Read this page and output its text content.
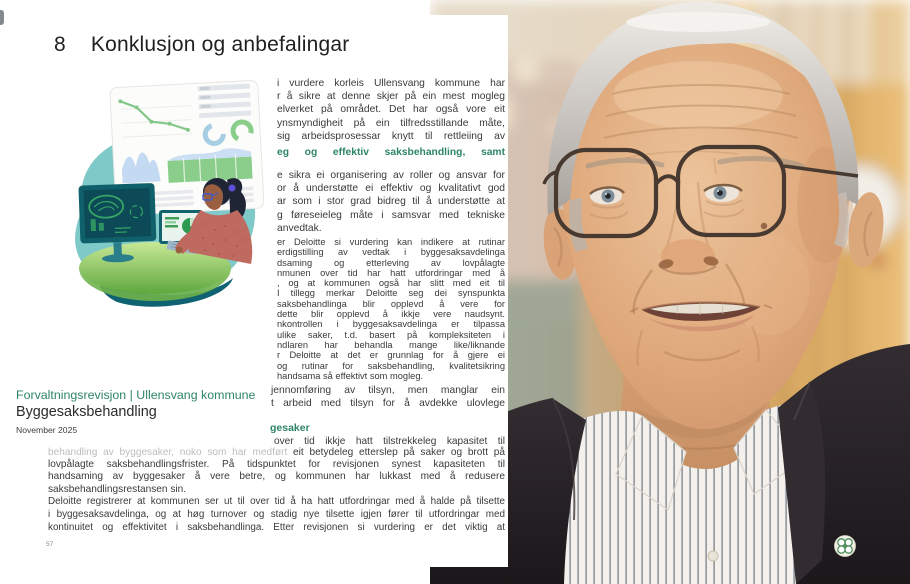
8 Konklusjon og anbefalingar
i vurdere korleis Ullensvang kommune har
r å sikre at denne skjer på ein mest mogleg
elverket på området. Det har også vore eit
ynsmyndigheit på ein tilfredsstillande måte,
sig arbeidsprosessar knytt til rettleiing av
eg og effektiv saksbehandling, samt
e sikra ei organisering av roller og ansvar for
or å understøtte ei effektiv og kvalitativt god
ar som i stor grad bidreg til å understøtte at
g føreseieleg måte i samsvar med tekniske
anvedtak.
er Deloitte si vurdering kan indikere at rutinar
erdigstilling av vedtak i byggesaksavdelinga
dsaming og etterleving av lovpålagte
nmunen over tid har hatt utfordringar med å
, og at kommunen også har slitt med eit til
I tillegg merkar Deloitte seg dei synspunkta
saksbehandlinga blir opplevd å vere for
dette blir opplevd å ikkje vere naudsynt.
nkontrollen i byggesaksavdelinga er tilpassa
ulike saker, t.d. basert på kompleksiteten i
ndlaren har behandla mange like/liknande
r Deloitte at det er grunnlag for å gjere ei
og rutinar for saksbehandling, kvalitetsikring
handsama så effektivt som mogleg.
jennomføring av tilsyn, men manglar ein
t arbeid med tilsyn for å avdekke ulovlege
gesaker
over tid ikkje hatt tilstrekkeleg kapasitet til
behandling av byggesaker, noko som har medført eit betydeleg etterslep på saker og brott på
lovpålagte saksbehandlingsfrister. På tidspunktet for revisjonen synest kapasiteten til
handsaming av byggesaker å vere betre, og kommunen har lukkast med å redusere
saksbehandlingsrestansen sin.
Deloitte registrerer at kommunen ser ut til over tid å ha hatt utfordringar med å halde på tilsette
i byggesaksavdelinga, og at høg turnover og stadig nye tilsette igjen fører til utfordringar med
kontinuitet og effektivitet i saksbehandlinga. Etter revisjonen si vurdering er det viktig at
Forvaltningsrevisjon | Ullensvang kommune
Byggesaksbehandling
November 2025
57
